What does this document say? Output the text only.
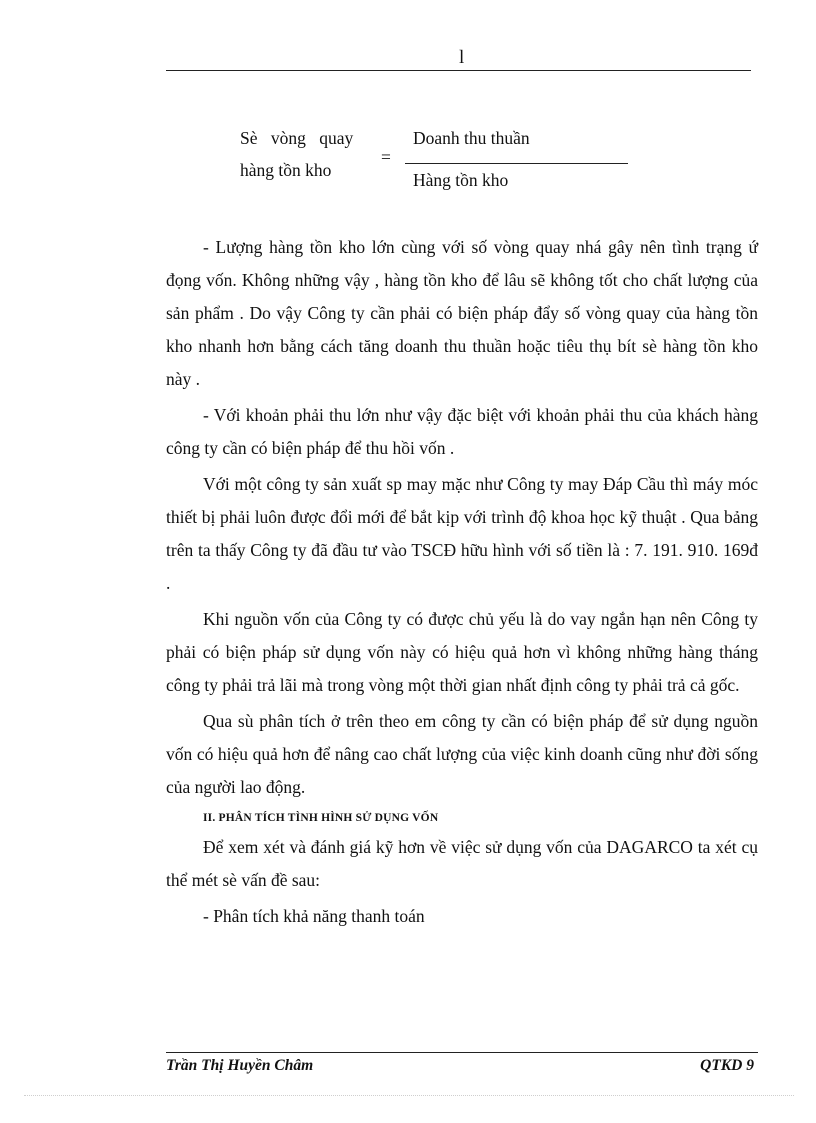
l
Sè vòng quay
hàng tồn kho
=
Doanh thu thuần
Hàng tồn kho

- Lượng hàng tồn kho lớn cùng với số vòng quay nhá gây nên tình trạng ứ đọng vốn. Không những vậy , hàng tồn kho để lâu sẽ không tốt cho chất lượng của sản phẩm . Do vậy Công ty cần phải có biện pháp đẩy số vòng quay của hàng tồn kho nhanh hơn bằng cách tăng doanh thu thuần hoặc tiêu thụ bít sè hàng tồn kho này .

- Với khoản phải thu lớn như vậy đặc biệt với khoản phải thu của khách hàng công ty cần có biện pháp để thu hồi vốn .

Với một công ty sản xuất sp may mặc như Công ty may Đáp Cầu thì máy móc thiết bị phải luôn được đổi mới để bắt kịp với trình độ khoa học kỹ thuật . Qua bảng trên ta thấy Công ty đã đầu tư vào TSCĐ hữu hình với số tiền là : 7. 191. 910. 169đ .

Khi nguồn vốn của Công ty có được chủ yếu là do vay ngắn hạn nên Công ty phải có biện pháp sử dụng vốn này có hiệu quả hơn vì không những hàng tháng công ty phải trả lãi mà trong vòng một thời gian nhất định công ty phải trả cả gốc.

Qua sù phân tích ở trên theo em công ty cần có biện pháp để sử dụng nguồn vốn có hiệu quả hơn để nâng cao chất lượng của việc kinh doanh cũng như đời sống của người lao động.

II. PHÂN TÍCH TÌNH HÌNH SỬ DỤNG VỐN

Để xem xét và đánh giá kỹ hơn về việc sử dụng vốn của DAGARCO ta xét cụ thể mét sè vấn đề sau:

- Phân tích khả năng thanh toán

Trần Thị Huyền Châm	QTKD 9
